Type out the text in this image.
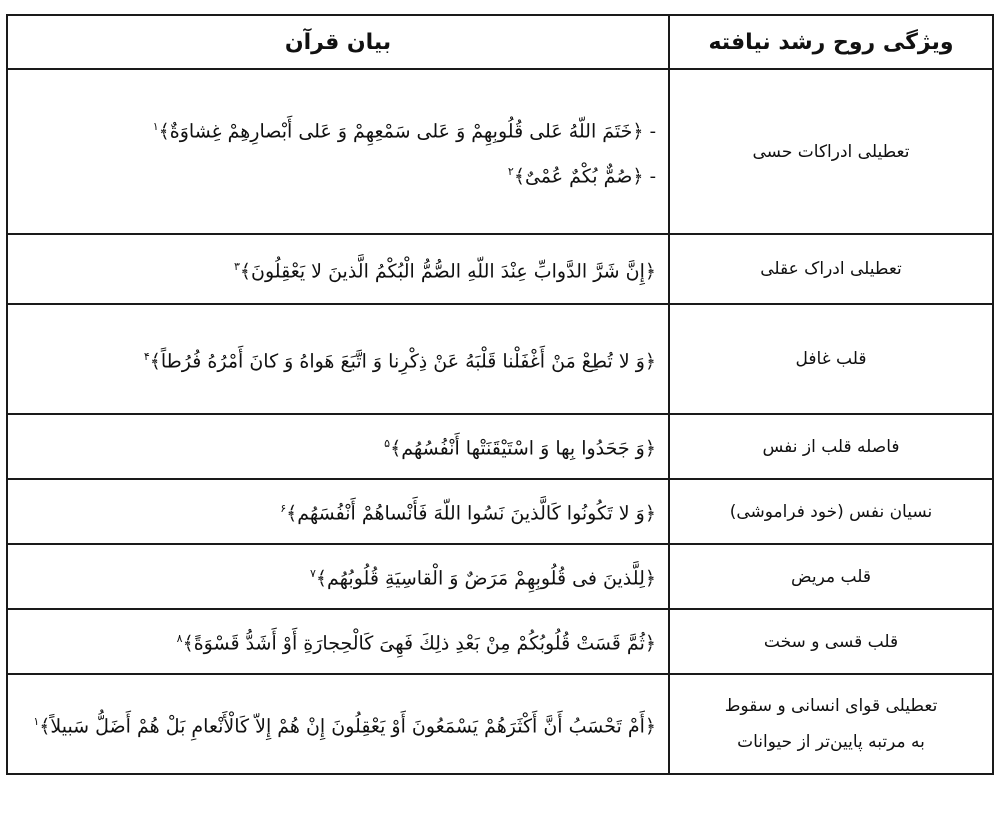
ویژگی روح رشد نیافته	بیان قرآن

تعطیلی ادراکات حسی	- ﴿خَتَمَ اللّهُ عَلی قُلُوبِهِمْ وَ عَلی سَمْعِهِمْ وَ عَلی أَبْصارِهِمْ غِشاوَةٌ﴾$^۱$
- ﴿صُمٌّ بُكْمٌ عُمْیٌ﴾$^۲$

تعطیلی ادراک عقلی	﴿إِنَّ شَرَّ الدَّوابِّ عِنْدَ اللّهِ الصُّمُّ الْبُكْمُ الَّذینَ لا یَعْقِلُونَ﴾$^۳$

قلب غافل	﴿وَ لا تُطِعْ مَنْ أَغْفَلْنا قَلْبَهُ عَنْ ذِكْرِنا وَ اتَّبَعَ هَواهُ وَ كانَ أَمْرُهُ فُرُطاً﴾$^۴$

فاصله قلب از نفس	﴿وَ جَحَدُوا بِها وَ اسْتَیْقَنَتْها أَنْفُسُهُم﴾$^۵$

نسیان نفس (خود فراموشی)	﴿وَ لا تَكُونُوا كَالَّذینَ نَسُوا اللّهَ فَأَنْساهُمْ أَنْفُسَهُم﴾$^۶$

قلب مریض	﴿لِلَّذینَ فی قُلُوبِهِمْ مَرَضٌ وَ الْقاسِیَةِ قُلُوبُهُم﴾$^۷$

قلب قسی و سخت	﴿ثُمَّ قَسَتْ قُلُوبُكُمْ مِنْ بَعْدِ ذلِكَ فَهِیَ كَالْحِجارَةِ أَوْ أَشَدُّ قَسْوَةً﴾$^۸$

تعطیلی قوای انسانی و سقوط
به مرتبه پایین‌تر از حیوانات	﴿أَمْ تَحْسَبُ أَنَّ أَكْثَرَهُمْ یَسْمَعُونَ أَوْ یَعْقِلُونَ إِنْ هُمْ إِلاّ كَالْأَنْعامِ بَلْ هُمْ أَضَلُّ سَبیلاً﴾$^۱$
